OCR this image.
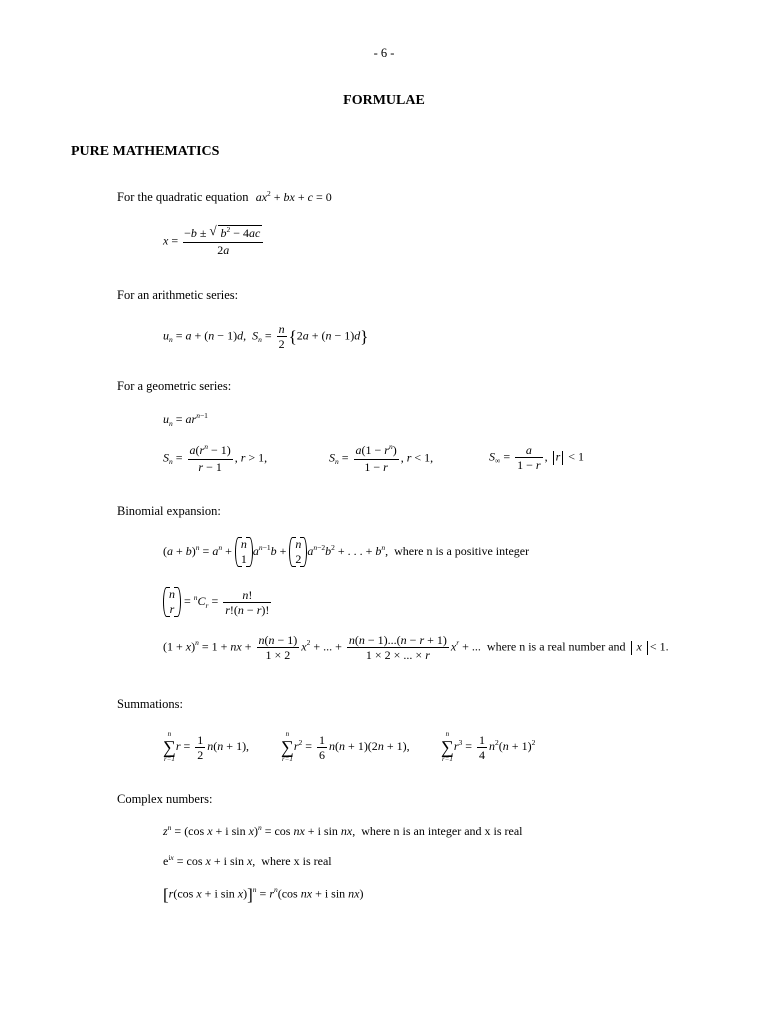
- 6 -
FORMULAE
PURE MATHEMATICS
For the quadratic equation $ax^2$ + bx + c = 0
$x = \frac{-b \pm √ b^2 - 4ac}{2a}$
For an arithmetic series:
$u_n = a + (n - 1)d$,  $S_n = \frac{n}{2} \{2a + (n - 1)d\}$
For a geometric series:
$u_n = ar^{n-1}$
$S_n = \frac{a(r^n - 1)}{r - 1}$ , r > 1,	$S_n = \frac{a(1 - r^n)}{1 - r}$ , r < 1,	$S_\infty = \frac{a}{1 - r}$ , r < 1
Binomial expansion:
$(a + b)^n = a^n + n$
1
$a^{n-1}b + n$
2
$a^{n-2}b^2$ + . . . + $b^n$,  where n is a positive integer
n
r
= $^nC_r = \frac{n!}{r!(n - r)!}$
$(1 + x)^n = 1$ + nx + $\frac{n(n - 1)}{1 \times 2} x^2$ + ... + $\frac{n(n - 1)...(n - r + 1)}{1 \times 2 \times ... \times r} x^r$ + ...  where n is a real number and x < 1.
Summations:
n
∑
r=1
$r = \frac{1}{2} n(n + 1)$,
n
∑
r=1
$r^2 = \frac{1}{6} n(n + 1)(2n + 1)$,
n
∑
r=1
$r^3 = \frac{1}{4} n^2(n + 1)^2$
Complex numbers:
$z^n = (\cos$ x + i sin x)$^n$ = cos nx + i sin nx,  where n is an integer and x is real
$e^{ix} = \cos x + i$ sin x,  where x is real
[r(cos x + i $\sin x)]^n = r^n(\cos$ nx + i sin nx)
